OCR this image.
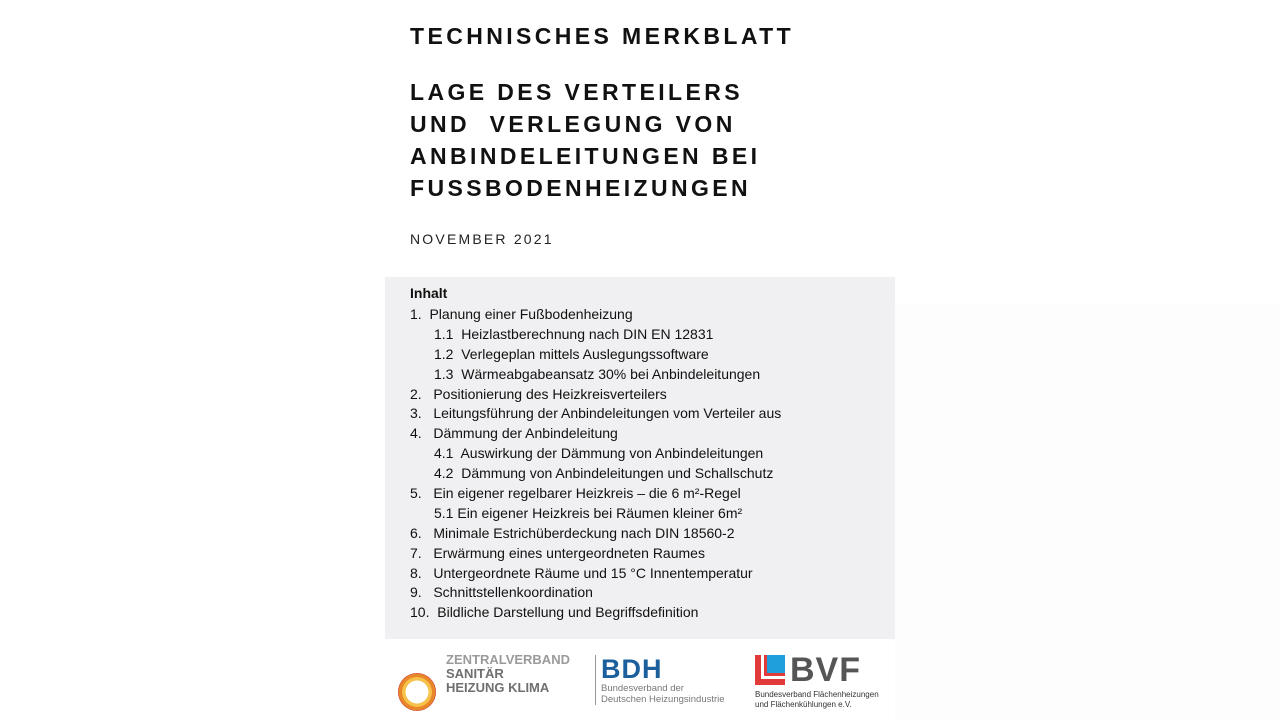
TECHNISCHES MERKBLATT
LAGE DES VERTEILERS
UND  VERLEGUNG VON
ANBINDELEITUNGEN BEI
FUSSBODENHEIZUNGEN
NOVEMBER 2021
Inhalt
1.  Planung einer Fußbodenheizung
1.1  Heizlastberechnung nach DIN EN 12831
1.2  Verlegeplan mittels Auslegungssoftware
1.3  Wärmeabgabeansatz 30% bei Anbindeleitungen
2.   Positionierung des Heizkreisverteilers
3.   Leitungsführung der Anbindeleitungen vom Verteiler aus
4.   Dämmung der Anbindeleitung
4.1  Auswirkung der Dämmung von Anbindeleitungen
4.2  Dämmung von Anbindeleitungen und Schallschutz
5.   Ein eigener regelbarer Heizkreis – die 6 m²-Regel
5.1 Ein eigener Heizkreis bei Räumen kleiner 6m²
6.   Minimale Estrichüberdeckung nach DIN 18560-2
7.   Erwärmung eines untergeordneten Raumes
8.   Untergeordnete Räume und 15 °C Innentemperatur
9.   Schnittstellenkoordination
10.  Bildliche Darstellung und Begriffsdefinition
ZENTRALVERBAND
SANITÄR
HEIZUNG KLIMA
BDH
Bundesverband der
Deutschen Heizungsindustrie
BVF
Bundesverband Flächenheizungen
und Flächenkühlungen e.V.
